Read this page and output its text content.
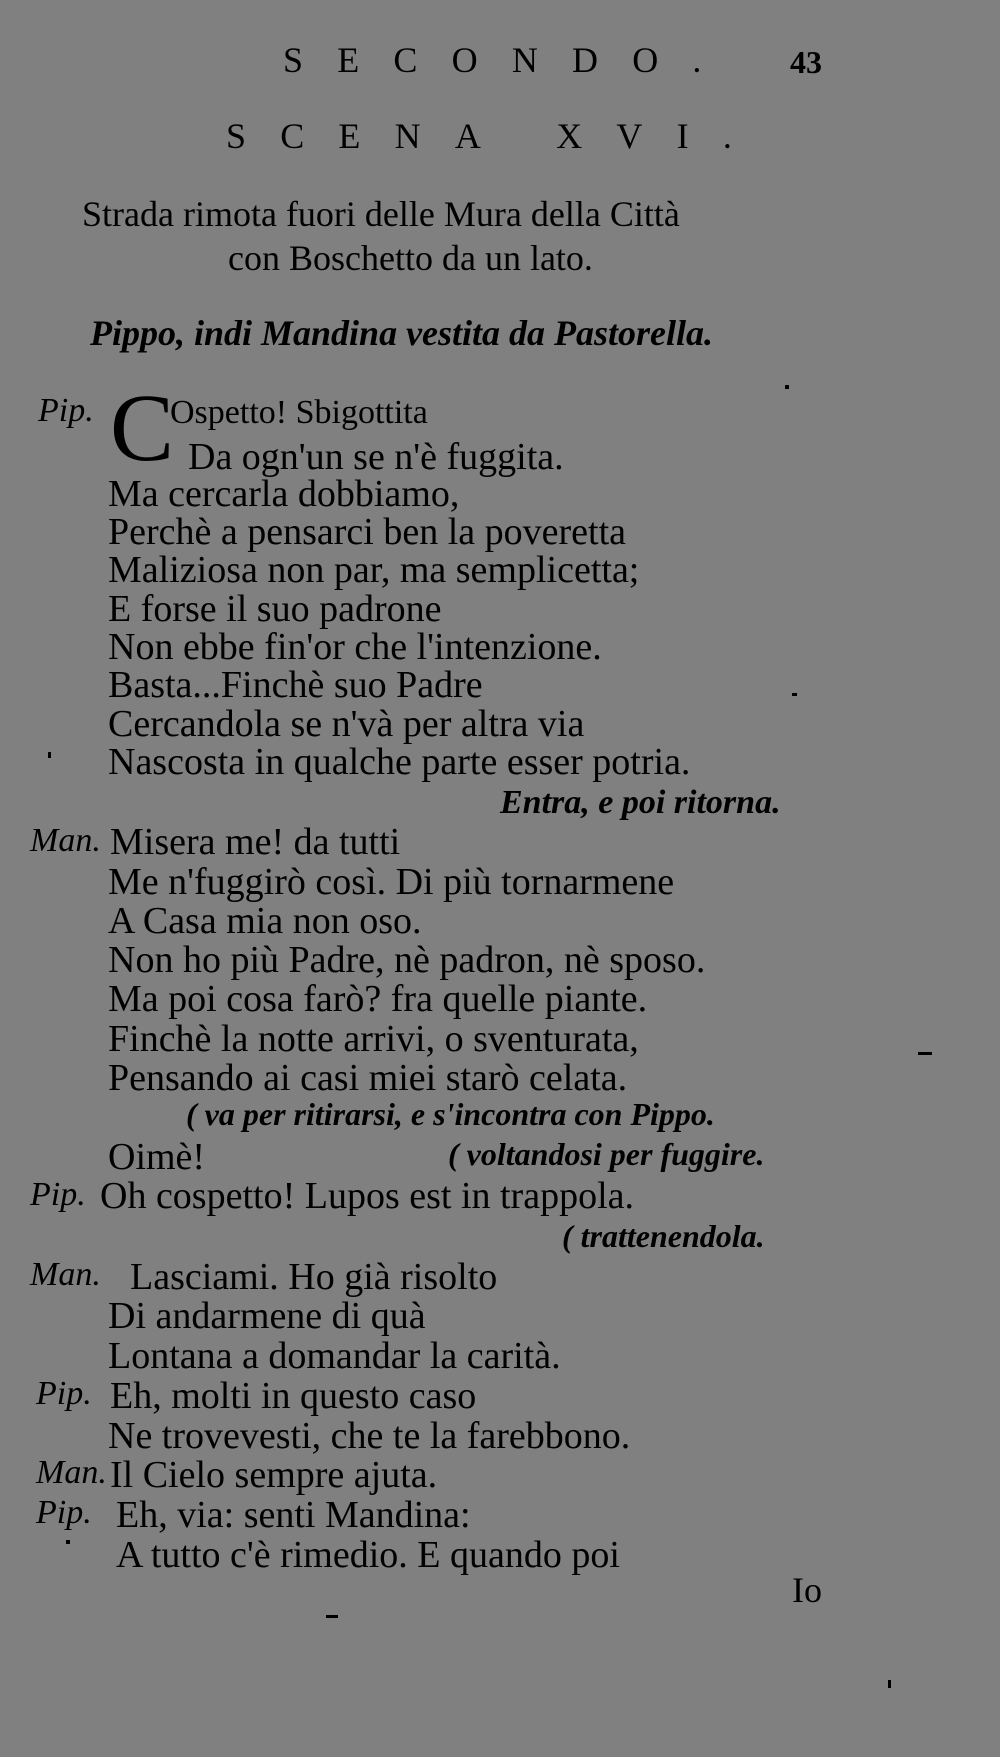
SECONDO. 43
SCENA XVI.
Strada rimota fuori delle Mura della Città
con Boschetto da un lato.
Pippo, indi Mandina vestita da Pastorella.
Pip. C
Ospetto! Sbigottita
Da ogn'un se n'è fuggita.
Ma cercarla dobbiamo,
Perchè a pensarci ben la poveretta
Maliziosa non par, ma semplicetta;
E forse il suo padrone
Non ebbe fin'or che l'intenzione.
Basta...Finchè suo Padre
Cercandola se n'và per altra via
Nascosta in qualche parte esser potria.
Entra, e poi ritorna.
Man. Misera me! da tutti
Me n'fuggirò così. Di più tornarmene
A Casa mia non oso.
Non ho più Padre, nè padron, nè sposo.
Ma poi cosa farò? fra quelle piante.
Finchè la notte arrivi, o sventurata,
Pensando ai casi miei starò celata.
( va per ritirarsi, e s'incontra con Pippo.
Oimè!	( voltandosi per fuggire.
Pip. Oh cospetto! Lupos est in trappola.
( trattenendola.
Man. Lasciami. Ho già risolto
Di andarmene di quà
Lontana a domandar la carità.
Pip. Eh, molti in questo caso
Ne trovevesti, che te la farebbono.
Man. Il Cielo sempre ajuta.
Pip. Eh, via: senti Mandina:
A tutto c'è rimedio. E quando poi
Io
